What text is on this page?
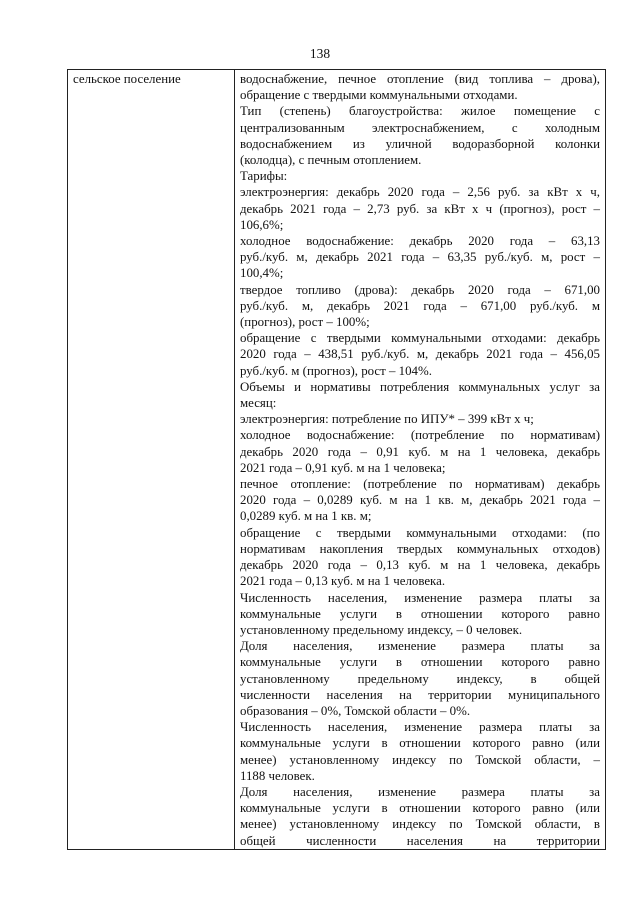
138
сельское поселение	водоснабжение, печное отопление (вид топлива – дрова),
обращение с твердыми коммунальными отходами.
Тип (степень) благоустройства: жилое помещение с
централизованным электроснабжением, с холодным
водоснабжением из уличной водоразборной колонки
(колодца), с печным отоплением.
Тарифы:
электроэнергия: декабрь 2020 года – 2,56 руб. за кВт х ч,
декабрь 2021 года – 2,73 руб. за кВт х ч (прогноз), рост –
106,6%;
холодное водоснабжение: декабрь 2020 года – 63,13
руб./куб. м, декабрь 2021 года – 63,35 руб./куб. м, рост –
100,4%;
твердое топливо (дрова): декабрь 2020 года – 671,00
руб./куб. м, декабрь 2021 года – 671,00 руб./куб. м
(прогноз), рост – 100%;
обращение с твердыми коммунальными отходами: декабрь
2020 года – 438,51 руб./куб. м, декабрь 2021 года – 456,05
руб./куб. м (прогноз), рост – 104%.
Объемы и нормативы потребления коммунальных услуг за
месяц:
электроэнергия: потребление по ИПУ* – 399 кВт х ч;
холодное водоснабжение: (потребление по нормативам)
декабрь 2020 года – 0,91 куб. м на 1 человека, декабрь
2021 года – 0,91 куб. м на 1 человека;
печное отопление: (потребление по нормативам) декабрь
2020 года – 0,0289 куб. м на 1 кв. м, декабрь 2021 года –
0,0289 куб. м на 1 кв. м;
обращение с твердыми коммунальными отходами: (по
нормативам накопления твердых коммунальных отходов)
декабрь 2020 года – 0,13 куб. м на 1 человека, декабрь
2021 года – 0,13 куб. м на 1 человека.
Численность населения, изменение размера платы за
коммунальные услуги в отношении которого равно
установленному предельному индексу, – 0 человек.
Доля населения, изменение размера платы за
коммунальные услуги в отношении которого равно
установленному предельному индексу, в общей
численности населения на территории муниципального
образования – 0%, Томской области – 0%.
Численность населения, изменение размера платы за
коммунальные услуги в отношении которого равно (или
менее) установленному индексу по Томской области, –
1188 человек.
Доля населения, изменение размера платы за
коммунальные услуги в отношении которого равно (или
менее) установленному индексу по Томской области, в
общей численности населения на территории
